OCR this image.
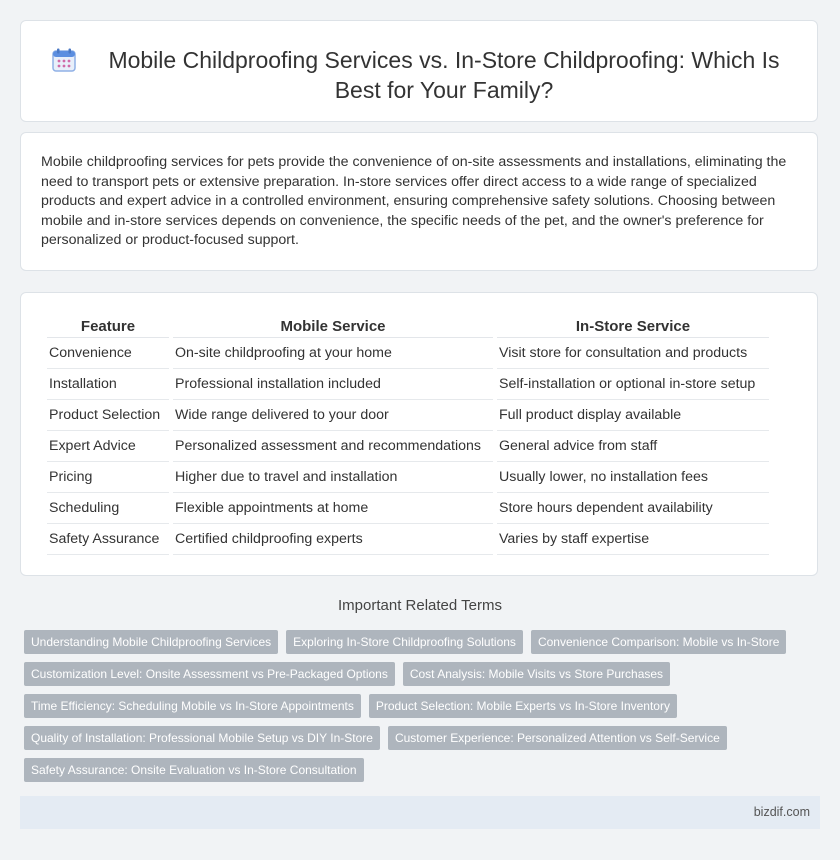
Mobile Childproofing Services vs. In-Store Childproofing: Which Is Best for Your Family?

Mobile childproofing services for pets provide the convenience of on-site assessments and installations, eliminating the need to transport pets or extensive preparation. In-store services offer direct access to a wide range of specialized products and expert advice in a controlled environment, ensuring comprehensive safety solutions. Choosing between mobile and in-store services depends on convenience, the specific needs of the pet, and the owner's preference for personalized or product-focused support.

Feature	Mobile Service	In-Store Service
Convenience	On-site childproofing at your home	Visit store for consultation and products
Installation	Professional installation included	Self-installation or optional in-store setup
Product Selection	Wide range delivered to your door	Full product display available
Expert Advice	Personalized assessment and recommendations	General advice from staff
Pricing	Higher due to travel and installation	Usually lower, no installation fees
Scheduling	Flexible appointments at home	Store hours dependent availability
Safety Assurance	Certified childproofing experts	Varies by staff expertise
Important Related Terms
Understanding Mobile Childproofing Services	Exploring In-Store Childproofing Solutions	Convenience Comparison: Mobile vs In-Store
Customization Level: Onsite Assessment vs Pre-Packaged Options	Cost Analysis: Mobile Visits vs Store Purchases
Time Efficiency: Scheduling Mobile vs In-Store Appointments	Product Selection: Mobile Experts vs In-Store Inventory
Quality of Installation: Professional Mobile Setup vs DIY In-Store	Customer Experience: Personalized Attention vs Self-Service
Safety Assurance: Onsite Evaluation vs In-Store Consultation
bizdif.com
